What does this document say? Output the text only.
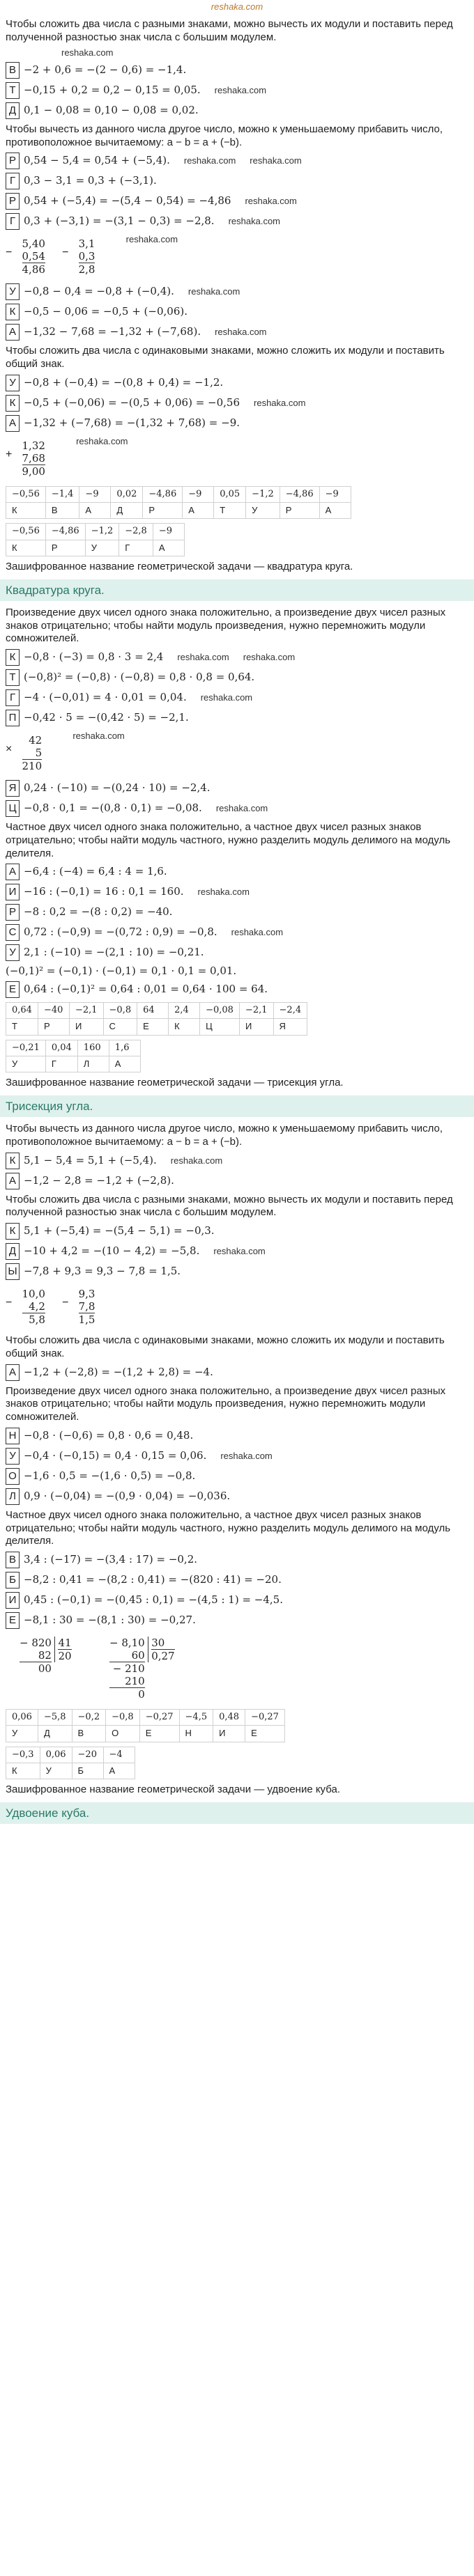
reshaka.com

Чтобы сложить два числа с разными знаками, можно вычесть их модули и поставить перед полученной разностью знак числа с большим модулем.

reshaka.com
В −2 + 0,6 = −(2 − 0,6) = −1,4.
Т −0,15 + 0,2 = 0,2 − 0,15 = 0,05. reshaka.com
Д 0,1 − 0,08 = 0,10 − 0,08 = 0,02.

Чтобы вычесть из данного числа другое число, можно к уменьшаемому прибавить число, противоположное вычитаемому: a − b = a + (−b).

Р 0,54 − 5,4 = 0,54 + (−5,4). reshaka.com reshaka.com
Г 0,3 − 3,1 = 0,3 + (−3,1).
Р 0,54 + (−5,4) = −(5,4 − 0,54) = −4,86 reshaka.com
Г 0,3 + (−3,1) = −(3,1 − 0,3) = −2,8. reshaka.com
−
5,40
0,54
4,86
−
3,1
0,3
2,8
reshaka.com
У −0,8 − 0,4 = −0,8 + (−0,4). reshaka.com
К −0,5 − 0,06 = −0,5 + (−0,06).
А −1,32 − 7,68 = −1,32 + (−7,68). reshaka.com

Чтобы сложить два числа с одинаковыми знаками, можно сложить их модули и поставить общий знак.

У −0,8 + (−0,4) = −(0,8 + 0,4) = −1,2.
К −0,5 + (−0,06) = −(0,5 + 0,06) = −0,56 reshaka.com
А −1,32 + (−7,68) = −(1,32 + 7,68) = −9.
+
1,32
7,68
9,00
reshaka.com
−0,56	−1,4	−9	0,02	−4,86	−9	0,05	−1,2	−4,86	−9
К	В	А	Д	Р	А	Т	У	Р	А
−0,56	−4,86	−1,2	−2,8	−9
К	Р	У	Г	А
Зашифрованное название геометрической задачи — квадратура круга.
Квадратура круга.

Произведение двух чисел одного знака положительно, а произведение двух чисел разных знаков отрицательно; чтобы найти модуль произведения, нужно перемножить модули сомножителей.

К −0,8 · (−3) = 0,8 · 3 = 2,4 reshaka.com reshaka.com
Т (−0,8)² = (−0,8) · (−0,8) = 0,8 · 0,8 = 0,64.
Г −4 · (−0,01) = 4 · 0,01 = 0,04. reshaka.com
П −0,42 · 5 = −(0,42 · 5) = −2,1.
×
42
5
210
reshaka.com
Я 0,24 · (−10) = −(0,24 · 10) = −2,4.
Ц −0,8 · 0,1 = −(0,8 · 0,1) = −0,08. reshaka.com

Частное двух чисел одного знака положительно, а частное двух чисел разных знаков отрицательно; чтобы найти модуль частного, нужно разделить модуль делимого на модуль делителя.

А −6,4 : (−4) = 6,4 : 4 = 1,6.
И −16 : (−0,1) = 16 : 0,1 = 160. reshaka.com
Р −8 : 0,2 = −(8 : 0,2) = −40.
С 0,72 : (−0,9) = −(0,72 : 0,9) = −0,8. reshaka.com
У 2,1 : (−10) = −(2,1 : 10) = −0,21.
(−0,1)² = (−0,1) · (−0,1) = 0,1 · 0,1 = 0,01.
Е 0,64 : (−0,1)² = 0,64 : 0,01 = 0,64 · 100 = 64.
0,64	−40	−2,1	−0,8	64	2,4	−0,08	−2,1	−2,4
Т	Р	И	С	Е	К	Ц	И	Я
−0,21	0,04	160	1,6
У	Г	Л	А
Зашифрованное название геометрической задачи — трисекция угла.
Трисекция угла.

Чтобы вычесть из данного числа другое число, можно к уменьшаемому прибавить число, противоположное вычитаемому: a − b = a + (−b).

К 5,1 − 5,4 = 5,1 + (−5,4). reshaka.com
А −1,2 − 2,8 = −1,2 + (−2,8).

Чтобы сложить два числа с разными знаками, можно вычесть их модули и поставить перед полученной разностью знак числа с большим модулем.

К 5,1 + (−5,4) = −(5,4 − 5,1) = −0,3.
Д −10 + 4,2 = −(10 − 4,2) = −5,8. reshaka.com
Ы −7,8 + 9,3 = 9,3 − 7,8 = 1,5.
−
10,0
4,2
5,8
−
9,3
7,8
1,5

Чтобы сложить два числа с одинаковыми знаками, можно сложить их модули и поставить общий знак.

А −1,2 + (−2,8) = −(1,2 + 2,8) = −4.

Произведение двух чисел одного знака положительно, а произведение двух чисел разных знаков отрицательно; чтобы найти модуль произведения, нужно перемножить модули сомножителей.

Н −0,8 · (−0,6) = 0,8 · 0,6 = 0,48.
У −0,4 · (−0,15) = 0,4 · 0,15 = 0,06. reshaka.com
О −1,6 · 0,5 = −(1,6 · 0,5) = −0,8.
Л 0,9 · (−0,04) = −(0,9 · 0,04) = −0,036.

Частное двух чисел одного знака положительно, а частное двух чисел разных знаков отрицательно; чтобы найти модуль частного, нужно разделить модуль делимого на модуль делителя.

В 3,4 : (−17) = −(3,4 : 17) = −0,2.
Б −8,2 : 0,41 = −(8,2 : 0,41) = −(820 : 41) = −20.
И 0,45 : (−0,1) = −(0,45 : 0,1) = −(4,5 : 1) = −4,5.
Е −8,1 : 30 = −(8,1 : 30) = −0,27.
− 820
82
00

$\frac{41}{20}$
	− 8,10
60
− 210
210
0

$\frac{30}{0,27}$
0,06	−5,8	−0,2	−0,8	−0,27	−4,5	0,48	−0,27
У	Д	В	О	Е	Н	И	Е
−0,3	0,06	−20	−4
К	У	Б	А
Зашифрованное название геометрической задачи — удвоение куба.
Удвоение куба.
